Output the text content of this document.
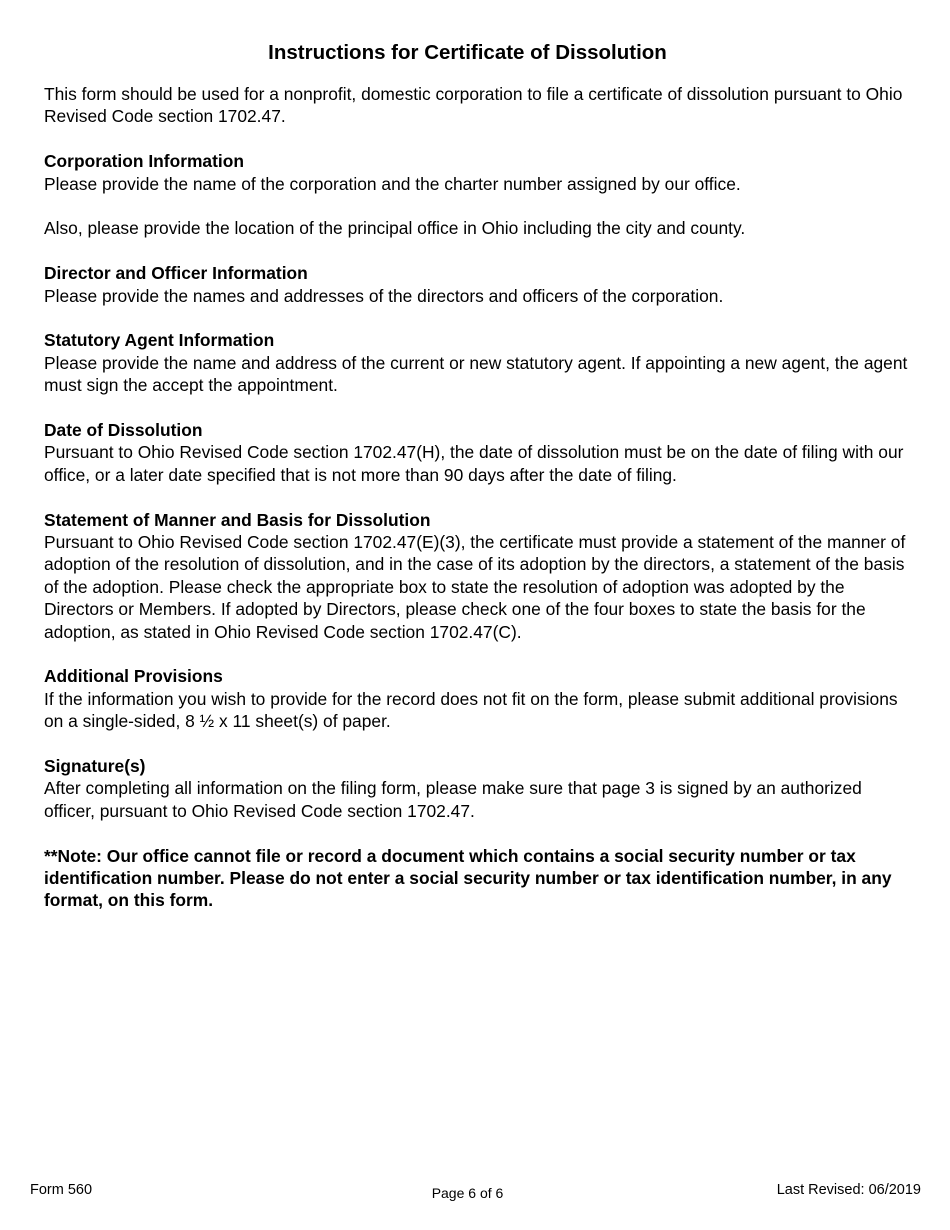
Instructions for Certificate of Dissolution

This form should be used for a nonprofit, domestic corporation to file a certificate of dissolution pursuant to Ohio Revised Code section 1702.47.

Corporation Information

Please provide the name of the corporation and the charter number assigned by our office.

Also, please provide the location of the principal office in Ohio including the city and county.

Director and Officer Information

Please provide the names and addresses of the directors and officers of the corporation.

Statutory Agent Information

Please provide the name and address of the current or new statutory agent. If appointing a new agent, the agent must sign the accept the appointment.

Date of Dissolution

Pursuant to Ohio Revised Code section 1702.47(H), the date of dissolution must be on the date of filing with our office, or a later date specified that is not more than 90 days after the date of filing.

Statement of Manner and Basis for Dissolution

Pursuant to Ohio Revised Code section 1702.47(E)(3), the certificate must provide a statement of the manner of adoption of the resolution of dissolution, and in the case of its adoption by the directors, a statement of the basis of the adoption. Please check the appropriate box to state the resolution of adoption was adopted by the Directors or Members. If adopted by Directors, please check one of the four boxes to state the basis for the adoption, as stated in Ohio Revised Code section 1702.47(C).

Additional Provisions

If the information you wish to provide for the record does not fit on the form, please submit additional provisions on a single-sided, 8 ½ x 11 sheet(s) of paper.

Signature(s)

After completing all information on the filing form, please make sure that page 3 is signed by an authorized officer, pursuant to Ohio Revised Code section 1702.47.

**Note: Our office cannot file or record a document which contains a social security number or tax identification number. Please do not enter a social security number or tax identification number, in any format, on this form.

Form 560	Page 6 of 6	Last Revised: 06/2019
